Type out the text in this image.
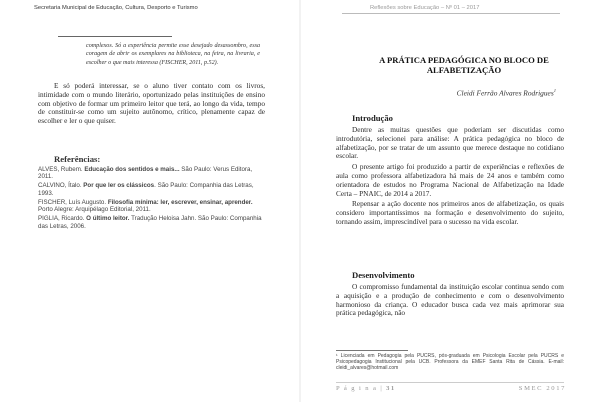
Secretaria Municipal de Educação, Cultura, Desporto e Turismo
complexos. Só a experiência permite esse desejado desassombro, essa coragem de abrir os exemplares na biblioteca, na feira, na livraria, e escolher o que mais interessa (FISCHER, 2011, p.52).

E só poderá interessar, se o aluno tiver contato com os livros, intimidade com o mundo literário, oportunizado pelas instituições de ensino com objetivo de formar um primeiro leitor que terá, ao longo da vida, tempo de constituir-se como um sujeito autônomo, crítico, plenamente capaz de escolher e ler o que quiser.

Referências:
ALVES, Rubem. Educação dos sentidos e mais... São Paulo: Verus Editora, 2011.
CALVINO, Ítalo. Por que ler os clássicos. São Paulo: Companhia das Letras, 1993.
FISCHER, Luís Augusto. Filosofia mínima: ler, escrever, ensinar, aprender. Porto Alegre: Arquipélago Editorial, 2011.
PIGLIA, Ricardo. O último leitor. Tradução Heloisa Jahn. São Paulo: Companhia das Letras, 2006.
Reflexões sobre Educação – Nº 01 – 2017
A PRÁTICA PEDAGÓGICA NO BLOCO DE ALFABETIZAÇÃO
Cleidi Ferrão Alvares Rodrigues$^1$
Introdução

Dentre as muitas questões que poderiam ser discutidas como introdutória, selecionei para análise: A prática pedagógica no bloco de alfabetização, por se tratar de um assunto que merece destaque no cotidiano escolar.

O presente artigo foi produzido a partir de experiências e reflexões de aula como professora alfabetizadora há mais de 24 anos e também como orientadora de estudos no Programa Nacional de Alfabetização na Idade Certa – PNAIC, de 2014 a 2017.

Repensar a ação docente nos primeiros anos de alfabetização, os quais considero importantíssimos na formação e desenvolvimento do sujeito, tornando assim, imprescindível para o sucesso na vida escolar.

Desenvolvimento

O compromisso fundamental da instituição escolar continua sendo com a aquisição e a produção de conhecimento e com o desenvolvimento harmonioso da criança. O educador busca cada vez mais aprimorar sua prática pedagógica, não

¹ Licenciada em Pedagogia pela PUCRS, pós-graduada em Psicologia Escolar pela PUCRS e Psicopedagogia Institucional pela UCB. Professora da EMEF Santa Rita de Cássia. E-mail: cleidi_alvares@hotmail.com
P á g i n a | 31	SMEC 2017
